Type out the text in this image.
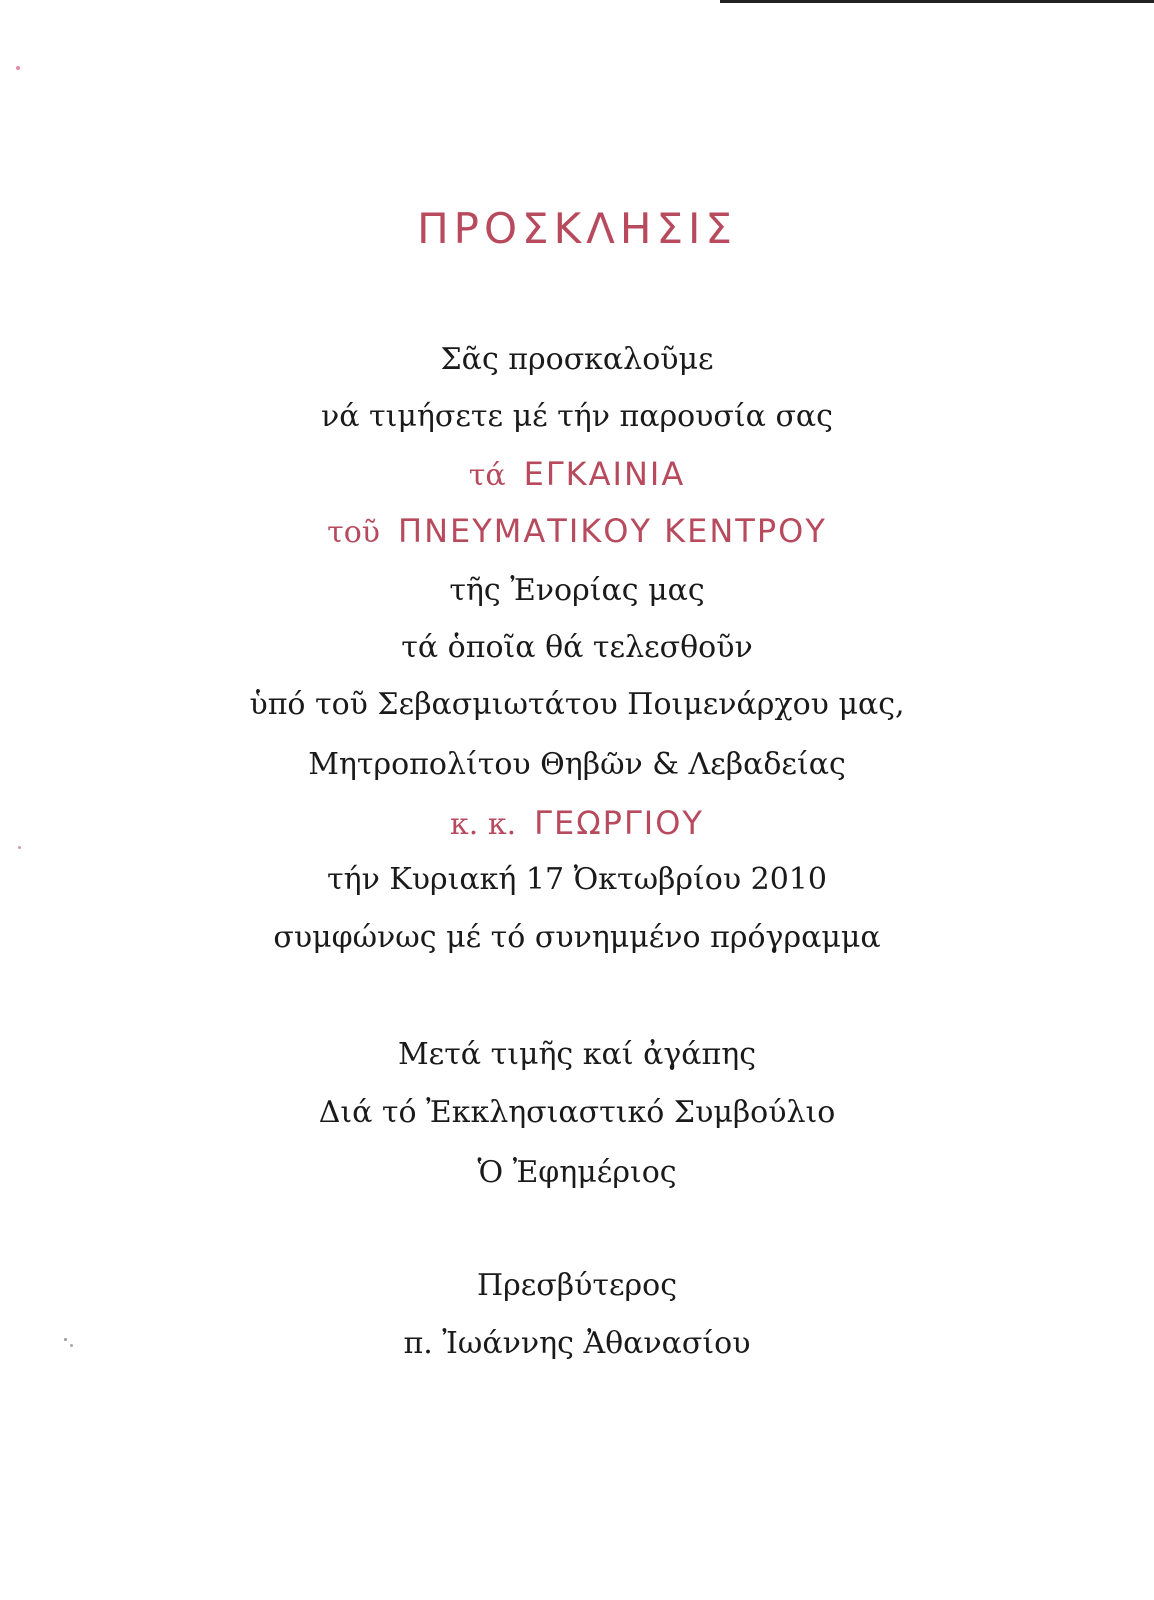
ΠΡΟΣΚΛΗΣΙΣ
Σᾶς προσκαλοῦμε
νά τιμήσετε μέ τήν παρουσία σας
τά ΕΓΚΑΙΝΙΑ
τοῦ ΠΝΕΥΜΑΤΙΚΟΥ ΚΕΝΤΡΟΥ
τῆς Ἐνορίας μας
τά ὁποῖα θά τελεσθοῦν
ὑπό τοῦ Σεβασμιωτάτου Ποιμενάρχου μας,
Μητροπολίτου Θηβῶν & Λεβαδείας
κ. κ. ΓΕΩΡΓΙΟΥ
τήν Κυριακή 17 Ὀκτωβρίου 2010
συμφώνως μέ τό συνημμένο πρόγραμμα
Μετά τιμῆς καί ἀγάπης
Διά τό Ἐκκλησιαστικό Συμβούλιο
Ὁ Ἐφημέριος
Πρεσβύτερος
π. Ἰωάννης Ἀθανασίου
